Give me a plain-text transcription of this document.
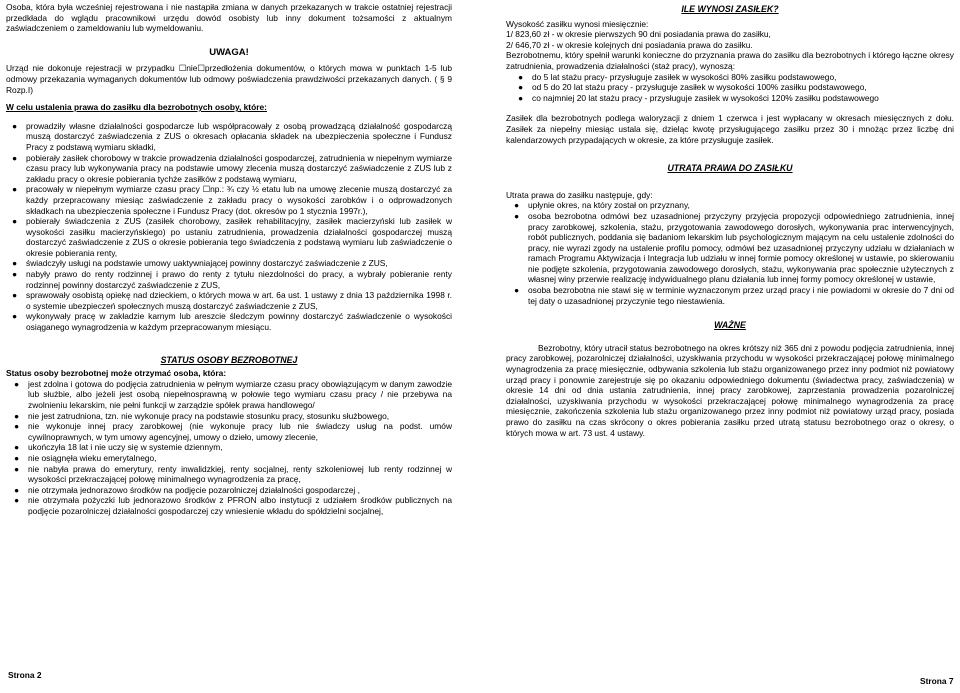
Osoba, która była wcześniej rejestrowana i nie nastąpiła zmiana w danych przekazanych w trakcie ostatniej rejestracji przedkłada do wglądu pracownikowi urzędu dowód osobisty lub inny dokument tożsamości z aktualnym zaświadczeniem o zameldowaniu lub wymeldowaniu.

UWAGA!

Urząd nie dokonuje rejestracji w przypadku ☐nie☐przedłożenia dokumentów, o których mowa w punktach 1-5 lub odmowy przekazania wymaganych dokumentów lub odmowy poświadczenia prawdziwości przekazanych danych. ( § 9 Rozp.I)

W celu ustalenia prawa do zasiłku dla bezrobotnych osoby, które:

● prowadziły własne działalności gospodarcze lub współpracowały z osobą prowadzącą działalność gospodarczą muszą dostarczyć zaświadczenia z ZUS o okresach opłacania składek na ubezpieczenia społeczne i Fundusz Pracy z podstawą wymiaru składki,
● pobierały zasiłek chorobowy w trakcie prowadzenia działalności gospodarczej, zatrudnienia w niepełnym wymiarze czasu pracy lub wykonywania pracy na podstawie umowy zlecenia muszą dostarczyć zaświadczenie z ZUS lub z zakładu pracy o okresie pobierania tychże zasiłków z podstawą wymiaru,
● pracowały w niepełnym wymiarze czasu pracy ☐np.: ¾ czy ½ etatu lub na umowę zlecenie muszą dostarczyć za każdy przepracowany miesiąc zaświadczenie z zakładu pracy o wysokości zarobków i o odprowadzonych składkach na ubezpieczenia społeczne i Fundusz Pracy (dot. okresów po 1 stycznia 1997r.),
● pobierały świadczenia z ZUS (zasiłek chorobowy, zasiłek rehabilitacyjny, zasiłek macierzyński lub zasiłek w wysokości zasiłku macierzyńskiego) po ustaniu zatrudnienia, prowadzenia działalności gospodarczej muszą dostarczyć zaświadczenie z ZUS o okresie pobierania tego świadczenia z podstawą wymiaru lub zaświadczenie o okresie pobierania renty,
● świadczyły usługi na podstawie umowy uaktywniającej powinny dostarczyć zaświadczenie z ZUS,
● nabyły prawo do renty rodzinnej i prawo do renty z tytułu niezdolności do pracy, a wybrały pobieranie renty rodzinnej powinny dostarczyć zaświadczenie z ZUS,
● sprawowały osobistą opiekę nad dzieckiem, o których mowa w art. 6a ust. 1 ustawy z dnia 13 października 1998 r. o systemie ubezpieczeń społecznych muszą dostarczyć zaświadczenie z ZUS,
● wykonywały pracę w zakładzie karnym lub areszcie śledczym powinny dostarczyć zaświadczenie o wysokości osiąganego wynagrodzenia w każdym przepracowanym miesiącu.

STATUS OSOBY BEZROBOTNEJ

Status osoby bezrobotnej może otrzymać osoba, która:

● jest zdolna i gotowa do podjęcia zatrudnienia w pełnym wymiarze czasu pracy obowiązującym w danym zawodzie lub służbie, albo jeżeli jest osobą niepełnosprawną w połowie tego wymiaru czasu pracy / nie przebywa na zwolnieniu lekarskim, nie pełni funkcji w zarządzie spółek prawa handlowego/
● nie jest zatrudniona, tzn. nie wykonuje pracy na podstawie stosunku pracy, stosunku służbowego,
● nie wykonuje innej pracy zarobkowej (nie wykonuje pracy lub nie świadczy usług na podst. umów cywilnoprawnych, w tym umowy agencyjnej, umowy o dzieło, umowy zlecenie,
● ukończyła 18 lat i nie uczy się w systemie dziennym,
● nie osiągnęła wieku emerytalnego,
● nie nabyła prawa do emerytury, renty inwalidzkiej, renty socjalnej, renty szkoleniowej lub renty rodzinnej w wysokości przekraczającej połowę minimalnego wynagrodzenia za pracę,
● nie otrzymała jednorazowo środków na podjęcie pozarolniczej działalności gospodarczej ,
● nie otrzymała pożyczki lub jednorazowo środków z PFRON albo instytucji z udziałem środków publicznych na podjęcie pozarolniczej działalności gospodarczej czy wniesienie wkładu do spółdzielni socjalnej,

ILE WYNOSI ZASIŁEK?

Wysokość zasiłku wynosi miesięcznie:
1/ 823,60 zł - w okresie pierwszych 90 dni posiadania prawa do zasiłku,
2/ 646,70 zł - w okresie kolejnych dni posiadania prawa do zasiłku.

Bezrobotnemu, który spełnił warunki konieczne do przyznania prawa do zasiłku dla bezrobotnych i którego łączne okresy zatrudnienia, prowadzenia działalności (staż pracy), wynoszą:

● do 5 lat stażu pracy- przysługuje zasiłek w wysokości 80% zasiłku podstawowego,
● od 5 do 20 lat stażu pracy - przysługuje zasiłek w wysokości 100% zasiłku podstawowego,
● co najmniej 20 lat stażu pracy - przysługuje zasiłek w wysokości 120% zasiłku podstawowego

Zasiłek dla bezrobotnych podlega waloryzacji z dniem 1 czerwca i jest wypłacany w okresach miesięcznych z dołu. Zasiłek za niepełny miesiąc ustala się, dzieląc kwotę przysługującego zasiłku przez 30 i mnożąc przez liczbę dni kalendarzowych przypadających w okresie, za które przysługuje zasiłek.

UTRATA PRAWA DO ZASIŁKU

Utrata prawa do zasiłku następuje, gdy:

● upłynie okres, na który został on przyznany,
● osoba bezrobotna odmówi bez uzasadnionej przyczyny przyjęcia propozycji odpowiedniego zatrudnienia, innej pracy zarobkowej, szkolenia, stażu, przygotowania zawodowego dorosłych, wykonywania prac interwencyjnych, robót publicznych, poddania się badaniom lekarskim lub psychologicznym mającym na celu ustalenie zdolności do pracy, nie wyrazi zgody na ustalenie profilu pomocy, odmówi bez uzasadnionej przyczyny udziału w działaniach w ramach Programu Aktywizacja i Integracja lub udziału w innej formie pomocy określonej w ustawie, po skierowaniu nie podjęte szkolenia, przygotowania zawodowego dorosłych, stażu, wykonywania prac społecznie użytecznych z własnej winy przerwie realizację indywidualnego planu działania lub innej formy pomocy określonej w ustawie,
● osoba bezrobotna nie stawi się w terminie wyznaczonym przez urząd pracy i nie powiadomi w okresie do 7 dni od tej daty o uzasadnionej przyczynie tego niestawienia.

WAŻNE

Bezrobotny, który utracił status bezrobotnego na okres krótszy niż 365 dni z powodu podjęcia zatrudnienia, innej pracy zarobkowej, pozarolniczej działalności, uzyskiwania przychodu w wysokości przekraczającej połowę minimalnego wynagrodzenia za pracę miesięcznie, odbywania szkolenia lub stażu organizowanego przez inny podmiot niż powiatowy urząd pracy i ponownie zarejestruje się po okazaniu odpowiedniego dokumentu (świadectwa pracy, zaświadczenia) w okresie 14 dni od dnia ustania zatrudnienia, innej pracy zarobkowej, zaprzestania prowadzenia pozarolniczej działalności, uzyskiwania przychodu w wysokości przekraczającej połowę minimalnego wynagrodzenia za pracę miesięcznie, zakończenia szkolenia lub stażu organizowanego przez inny podmiot niż powiatowy urząd pracy, posiada prawo do zasiłku na czas skrócony o okres pobierania zasiłku przed utratą statusu bezrobotnego oraz o okresy, o których mowa w art. 73 ust. 4 ustawy.

Strona 2
Strona 7
